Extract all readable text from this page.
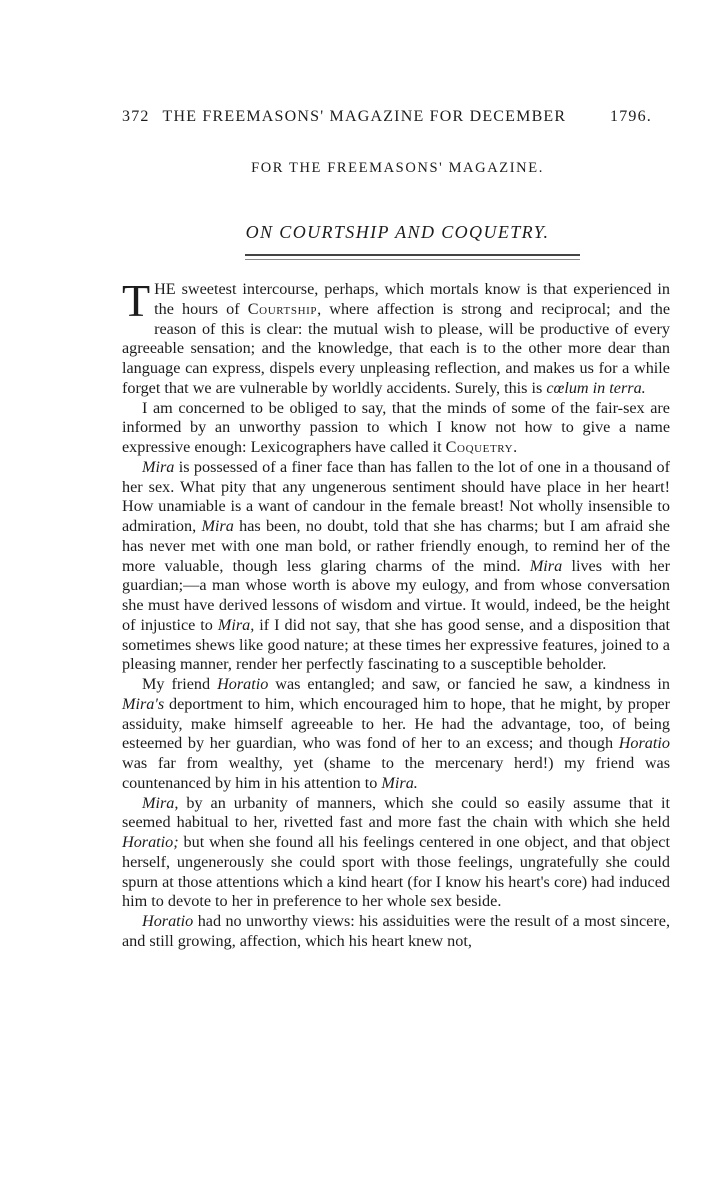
372 THE FREEMASONS' MAGAZINE FOR DECEMBER	1796.
FOR THE FREEMASONS' MAGAZINE.
ON COURTSHIP AND COQUETRY.

THE sweetest intercourse, perhaps, which mortals know is that experienced in the hours of Courtship, where affection is strong and reciprocal; and the reason of this is clear: the mutual wish to please, will be productive of every agreeable sensation; and the knowledge, that each is to the other more dear than language can express, dispels every unpleasing reflection, and makes us for a while forget that we are vulnerable by worldly accidents. Surely, this is cœlum in terra.

I am concerned to be obliged to say, that the minds of some of the fair-sex are informed by an unworthy passion to which I know not how to give a name expressive enough: Lexicographers have called it Coquetry.

Mira is possessed of a finer face than has fallen to the lot of one in a thousand of her sex. What pity that any ungenerous sentiment should have place in her heart! How unamiable is a want of candour in the female breast! Not wholly insensible to admiration, Mira has been, no doubt, told that she has charms; but I am afraid she has never met with one man bold, or rather friendly enough, to remind her of the more valuable, though less glaring charms of the mind. Mira lives with her guardian;—a man whose worth is above my eulogy, and from whose conversation she must have derived lessons of wisdom and virtue. It would, indeed, be the height of injustice to Mira, if I did not say, that she has good sense, and a disposition that sometimes shews like good nature; at these times her expressive features, joined to a pleasing manner, render her perfectly fascinating to a susceptible beholder.

My friend Horatio was entangled; and saw, or fancied he saw, a kindness in Mira's deportment to him, which encouraged him to hope, that he might, by proper assiduity, make himself agreeable to her. He had the advantage, too, of being esteemed by her guardian, who was fond of her to an excess; and though Horatio was far from wealthy, yet (shame to the mercenary herd!) my friend was countenanced by him in his attention to Mira.

Mira, by an urbanity of manners, which she could so easily assume that it seemed habitual to her, rivetted fast and more fast the chain with which she held Horatio; but when she found all his feelings centered in one object, and that object herself, ungenerously she could sport with those feelings, ungratefully she could spurn at those attentions which a kind heart (for I know his heart's core) had induced him to devote to her in preference to her whole sex beside.

Horatio had no unworthy views: his assiduities were the result of a most sincere, and still growing, affection, which his heart knew not,
